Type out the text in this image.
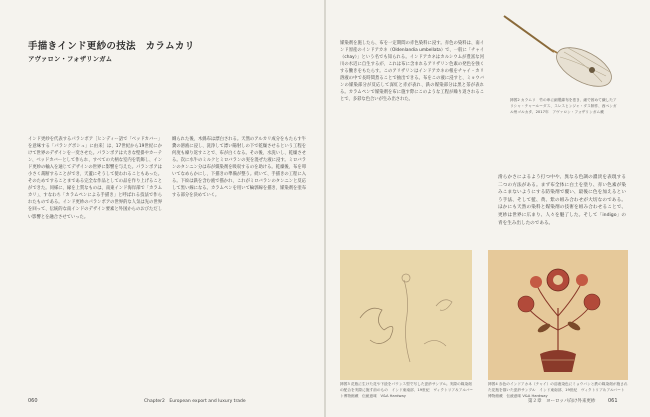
手描きインド更紗の技法　カラムカリ
アヴァロン・フォザリンガム

インド更紗を代表するパランポア［ヒンディー語で「ベッドカバー」を意味する「パラングポシュ」に由来］は、17世紀から19世紀にかけて世界のデザインを一変させた。パランポアは大きな壁掛やカーテン、ベッドカバーとして作られ、すべての大柄な室内を装飾し、インド更紗の輸入を通じてデザインの世界に影響を与えた。パランポアは小さく裁断することができ、天蓋にそうして使われることもあった。そのためですることまである完全な作品としての品を作り上げることができた。同様に、縁を上質なものは、南東インド海岸部で「カラムカリ」、すなわち「カラムペンによる手描き」と呼ばれる技法で作られたものである。インド更紗のパランポアの世界的な人気は先の世界を回って、伝統的な南インドのデザイン要素と外国からのおびただしい影響とを融合させていった。

織られた後、木綿布は漂白される。天然のアルカリ成分をもたらす牛糞の溶液に浸し、洗浄して漂い陽射しの下で乾燥させるという工程を何度も繰り返すことで、布が白くなる。その後、水洗いし、乾燥させる。次に水牛のミルクとミロバランの実を混ぜた液に浸す。ミロバランのタンニン分は布が媒染剤を吸収するのを助ける。乾燥後、布を叩いてなめらかにし、下描きの準備が整う。続いて、手描きの工程に入る。下絵は鉄を含む液で描かれ、これがミロバランのタンニンと反応して黒い線になる。カラムペンを用いて輪郭線を描き、媒染剤を塗布する部分を決めていく。

媒染剤を施したら、布を一定期間の赤色染料に浸す。赤色の染料は、南インド原産のインドアカネ（Oldenlandia umbellata）で、一般に「チャイ（chay）」という名でも知られる。インドアカネはカルシウムが豊富な河川の水辺に自生するが、これは布に含まれるアリザリン色素の発色を強くする働きをもたらす。このアリザリンはインドアカネの根をチャイ・カリ溶液の中で長時間煮ることで抽出できる。布をこの液に浸すと、ミョウバンの媒染部分が反応して深紅と赤が表れ、鉄の媒染部分は黒と茶が表れる。カラムペンで媒染剤を布に施す際にこのような工程が繰り返されることで、多彩な色合いが生み出された。

滑らかさによるよう打つ中や、異なる色調の濃淡を表現する二つの方法がある。まず布全体に白土を塗り、赤い色素が染みこまないようにする防染剤で覆い、最後に色を加えるという手法、そして藍、黄、紫の組み合わせが大切なのである。ほかにも天然の染料と媒染剤の技術を組み合わせることで、更紗は世界に広まり、人々を魅了した。そして「indigo」の青を生み出したのである。

挿図2 カラムリ　竹の串に細製綿布を巻き、細で固めて繊したアリシャ・チャールーダス、スレスヒンジャ・ダス制作、西ベンガル州ゴルカタ、2017年　アヴァロン・フォザリンガム蔵

挿図3 花瓶に生けた花や下絵をパウンス型で写した更紗サンプル。実際の媒染剤の配合を実際に施す前のもの　インド東南部、19世紀　ヴィクトリア＆アルバート博物館蔵　伝統意味　V&A Hardway

挿図4 赤色のインドアカネ（チャイ）の溶液染色にミョウバンと鉄の媒染剤が施された花瓶を描いた更紗サンプル　インド東南部、19世紀　ヴィクトリア＆アルバート博物館蔵　伝統意味 V&A Hardway

060	Chapter2　European export and luxury trade	第２章　ヨーロッパ向け外来更紗	061
